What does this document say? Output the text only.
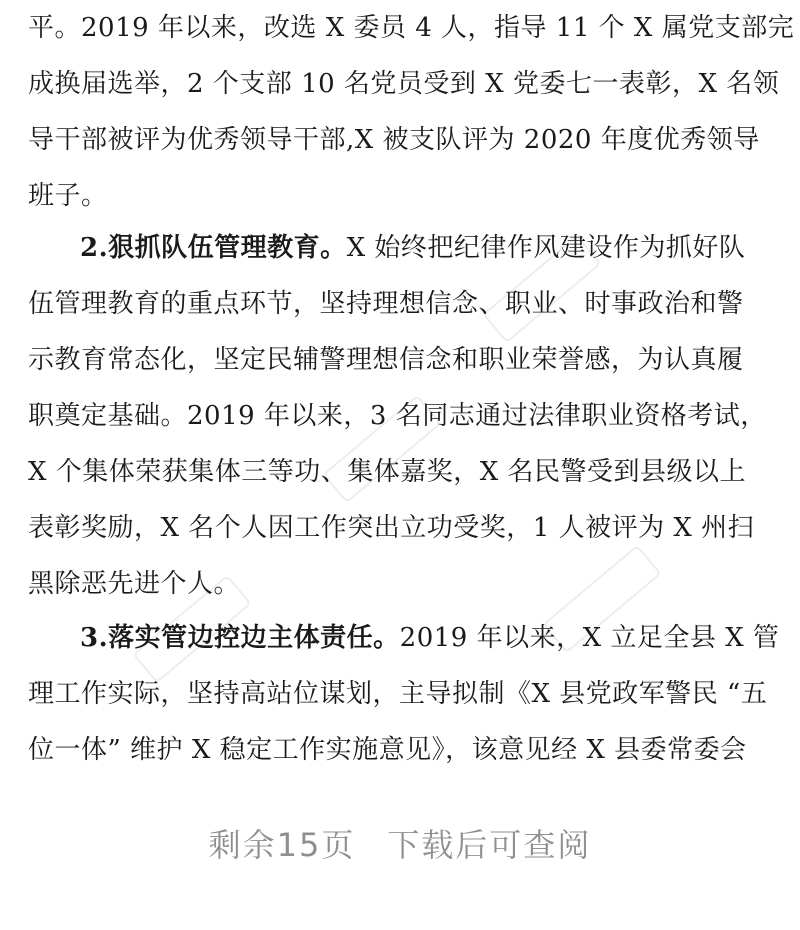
平。2019 年以来，改选 X 委员 4 人，指导 11 个 X 属党支部完
成换届选举，2 个支部 10 名党员受到 X 党委七一表彰，X 名领
导干部被评为优秀领导干部,X 被支队评为 2020 年度优秀领导
班子。
2.狠抓队伍管理教育。X 始终把纪律作风建设作为抓好队
伍管理教育的重点环节，坚持理想信念、职业、时事政治和警
示教育常态化，坚定民辅警理想信念和职业荣誉感，为认真履
职奠定基础。2019 年以来，3 名同志通过法律职业资格考试，
X 个集体荣获集体三等功、集体嘉奖，X 名民警受到县级以上
表彰奖励，X 名个人因工作突出立功受奖，1 人被评为 X 州扫
黑除恶先进个人。
3.落实管边控边主体责任。2019 年以来，X 立足全县 X 管
理工作实际，坚持高站位谋划，主导拟制《X 县党政军警民 “五
位一体” 维护 X 稳定工作实施意见》，该意见经 X 县委常委会
剩余15页 下载后可查阅
